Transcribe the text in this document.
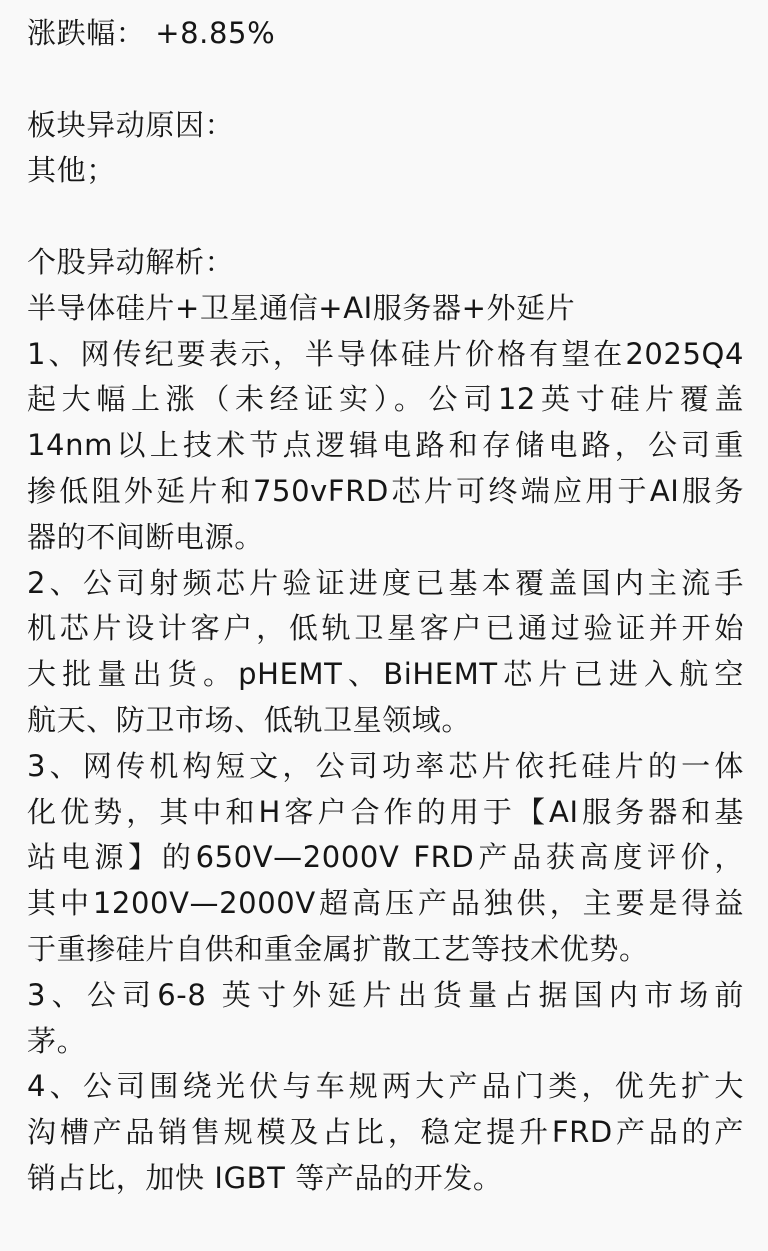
涨跌幅： +8.85%
板块异动原因：
其他；
个股异动解析：
半导体硅片+卫星通信+AI服务器+外延片
1、网传纪要表示，半导体硅片价格有望在2025Q4
起大幅上涨（未经证实）。公司12英寸硅片覆盖
14nm以上技术节点逻辑电路和存储电路，公司重
掺低阻外延片和750vFRD芯片可终端应用于AI服务
器的不间断电源。
2、公司射频芯片验证进度已基本覆盖国内主流手
机芯片设计客户，低轨卫星客户已通过验证并开始
大批量出货。pHEMT、BiHEMT芯片已进入航空
航天、防卫市场、低轨卫星领域。
3、网传机构短文，公司功率芯片依托硅片的一体
化优势，其中和H客户合作的用于【AI服务器和基
站电源】的650V—2000V FRD产品获高度评价，
其中1200V—2000V超高压产品独供，主要是得益
于重掺硅片自供和重金属扩散工艺等技术优势。
3、公司6-8 英寸外延片出货量占据国内市场前
茅。
4、公司围绕光伏与车规两大产品门类，优先扩大
沟槽产品销售规模及占比，稳定提升FRD产品的产
销占比，加快 IGBT 等产品的开发。
